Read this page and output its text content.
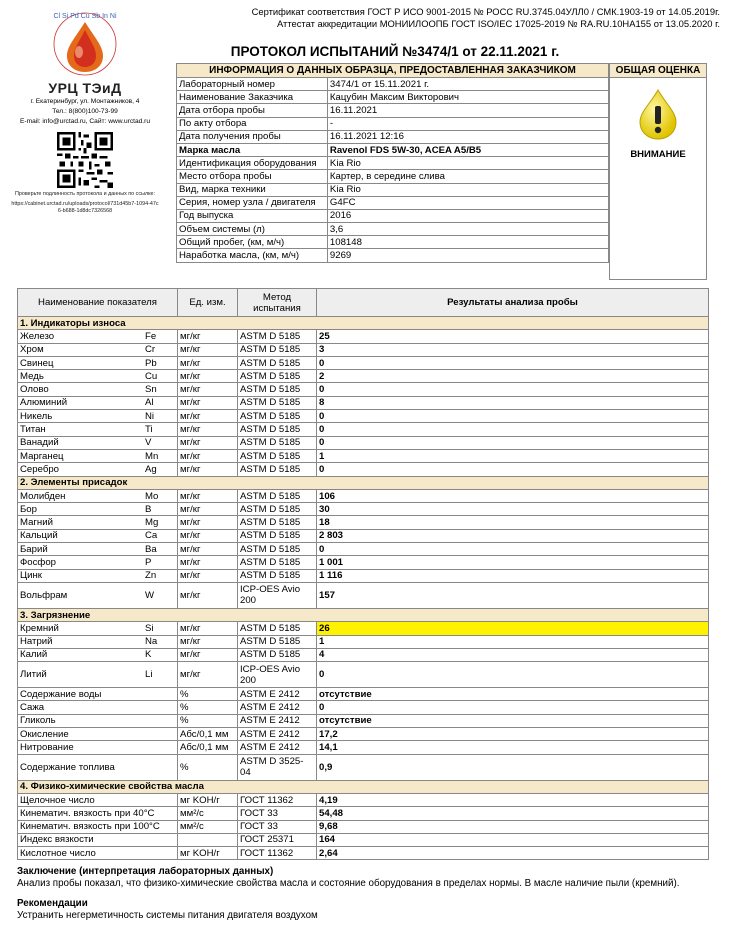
Сертификат соответствия ГОСТ Р ИСО 9001-2015 № РОСС RU.3745.04УЛЛ0 / СМК.1903-19 от 14.05.2019г.
Аттестат аккредитации МОНИИЛООПБ ГОСТ ISO/IEC 17025-2019 № RA.RU.10НА155 от 13.05.2020 г.
Cl Si Pd Cu Sb In Ni
УРЦ ТЭиД
г. Екатеринбург, ул. Монтажников, 4
Тел.: 8(800)100-73-99
E-mail: info@urctad.ru, Сайт: www.urctad.ru
Проверьте подлинность протокола и данных по ссылке:
https://cabinet.urctad.ru/uploads/protocol/731d45b7-1094-47c6-b688-1d8dc7326568
ПРОТОКОЛ ИСПЫТАНИЙ №3474/1 от 22.11.2021 г.
ИНФОРМАЦИЯ О ДАННЫХ ОБРАЗЦА, ПРЕДОСТАВЛЕННАЯ ЗАКАЗЧИКОМ	
Лабораторный номер	3474/1 от 15.11.2021 г.
Наименование Заказчика	Кацубин Максим Викторович
Дата отбора пробы	16.11.2021
По акту отбора	-
Дата получения пробы	16.11.2021 12:16
Марка масла	Ravenol FDS 5W-30, ACEA A5/B5
Идентификация оборудования	Kia Rio
Место отбора пробы	Картер, в середине слива
Вид, марка техники	Kia Rio
Серия, номер узла / двигателя	G4FC
Год выпуска	2016
Объем системы (л)	3,6
Общий пробег, (км, м/ч)	108148
Наработка масла, (км, м/ч)	9269
ОБЩАЯ ОЦЕНКА
ВНИМАНИЕ
Наименование показателя	Ед. изм.	Метод испытания	Результаты анализа пробы
1. Индикаторы износа			

Железо Fe	мг/кг	ASTM D 5185	25

Хром Cr	мг/кг	ASTM D 5185	3

Свинец Pb	мг/кг	ASTM D 5185	0

Медь Cu	мг/кг	ASTM D 5185	2

Олово Sn	мг/кг	ASTM D 5185	0

Алюминий Al	мг/кг	ASTM D 5185	8

Никель Ni	мг/кг	ASTM D 5185	0

Титан Ti	мг/кг	ASTM D 5185	0

Ванадий V	мг/кг	ASTM D 5185	0

Марганец Mn	мг/кг	ASTM D 5185	1

Серебро Ag	мг/кг	ASTM D 5185	0
2. Элементы присадок			

Молибден Mo	мг/кг	ASTM D 5185	106

Бор B	мг/кг	ASTM D 5185	30

Магний Mg	мг/кг	ASTM D 5185	18

Кальций Ca	мг/кг	ASTM D 5185	2 803

Барий Ba	мг/кг	ASTM D 5185	0

Фосфор P	мг/кг	ASTM D 5185	1 001

Цинк Zn	мг/кг	ASTM D 5185	1 116

Вольфрам W	мг/кг	ICP-OES Avio 200	157
3. Загрязнение			

Кремний Si	мг/кг	ASTM D 5185	26

Натрий Na	мг/кг	ASTM D 5185	1

Калий K	мг/кг	ASTM D 5185	4

Литий Li	мг/кг	ICP-OES Avio 200	0
Содержание воды	%	ASTM E 2412	отсутствие
Сажа	%	ASTM E 2412	0
Гликоль	%	ASTM E 2412	отсутствие
Окисление	Абс/0,1 мм	ASTM E 2412	17,2
Нитрование	Абс/0,1 мм	ASTM E 2412	14,1
Содержание топлива	%	ASTM D 3525-04	0,9
4. Физико-химические свойства масла			
Щелочное число	мг KOH/г	ГОСТ 11362	4,19
Кинематич. вязкость при 40°С	мм²/с	ГОСТ 33	54,48
Кинематич. вязкость при 100°С	мм²/с	ГОСТ 33	9,68
Индекс вязкости		ГОСТ 25371	164
Кислотное число	мг KOH/г	ГОСТ 11362	2,64
Заключение (интерпретация лабораторных данных)
Анализ пробы показал, что физико-химические свойства масла и состояние оборудования в пределах нормы. В масле наличие пыли (кремний).
Рекомендации
Устранить негерметичность системы питания двигателя воздухом
